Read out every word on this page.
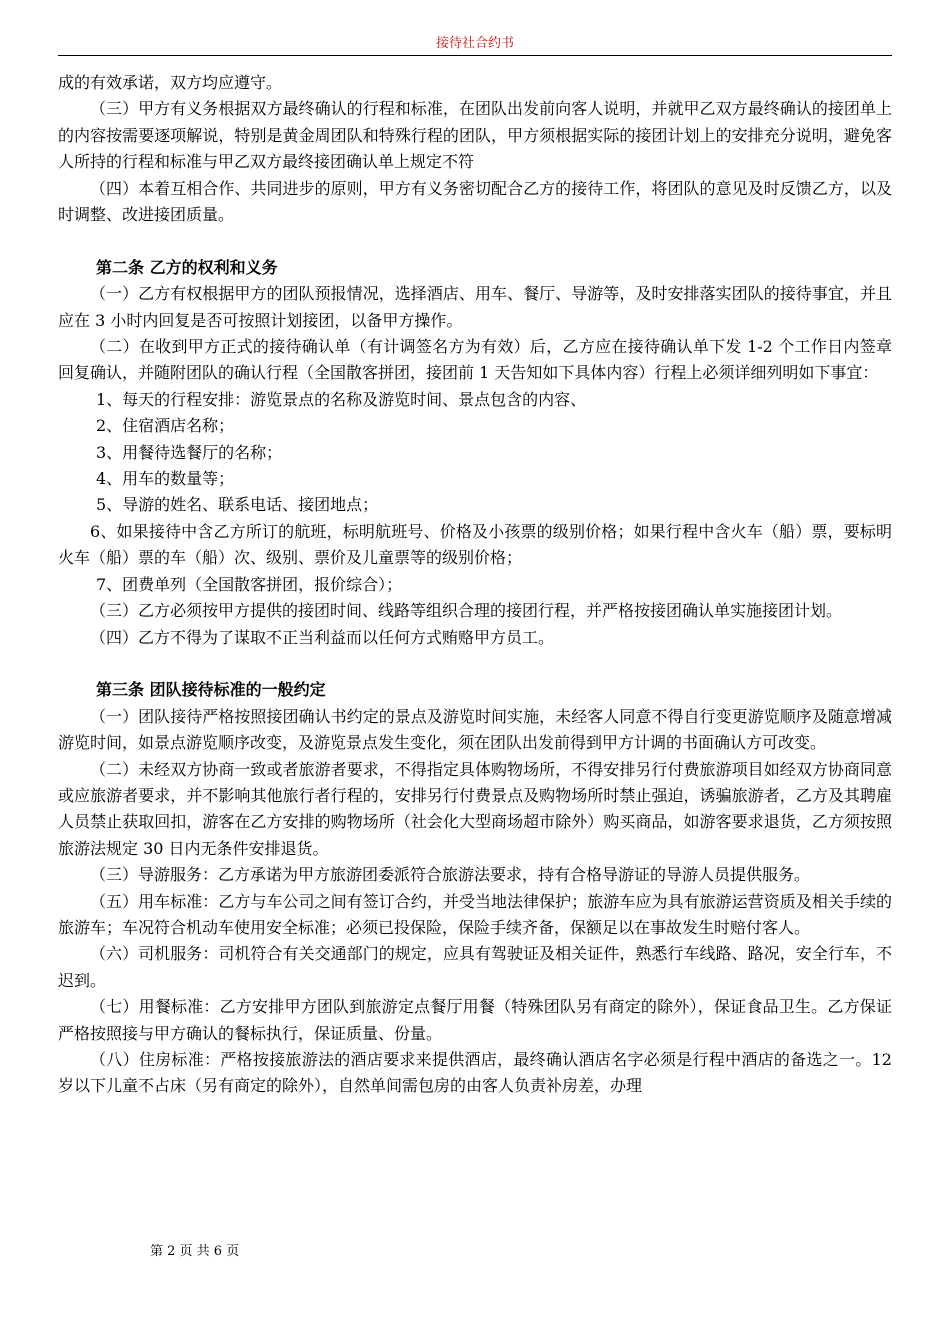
接待社合约书

成的有效承诺，双方均应遵守。

（三）甲方有义务根据双方最终确认的行程和标准，在团队出发前向客人说明，并就甲乙双方最终确认的接团单上的内容按需要逐项解说，特别是黄金周团队和特殊行程的团队，甲方须根据实际的接团计划上的安排充分说明，避免客人所持的行程和标准与甲乙双方最终接团确认单上规定不符

（四）本着互相合作、共同进步的原则，甲方有义务密切配合乙方的接待工作，将团队的意见及时反馈乙方，以及时调整、改进接团质量。

第二条 乙方的权利和义务

（一）乙方有权根据甲方的团队预报情况，选择酒店、用车、餐厅、导游等，及时安排落实团队的接待事宜，并且应在 3 小时内回复是否可按照计划接团，以备甲方操作。

（二）在收到甲方正式的接待确认单（有计调签名方为有效）后，乙方应在接待确认单下发 1-2 个工作日内签章回复确认，并随附团队的确认行程（全国散客拼团，接团前 1 天告知如下具体内容）行程上必须详细列明如下事宜：

1、每天的行程安排：游览景点的名称及游览时间、景点包含的内容、

2、住宿酒店名称；

3、用餐待选餐厅的名称；

4、用车的数量等；

5、导游的姓名、联系电话、接团地点；

6、如果接待中含乙方所订的航班，标明航班号、价格及小孩票的级别价格；如果行程中含火车（船）票，要标明火车（船）票的车（船）次、级别、票价及儿童票等的级别价格；

7、团费单列（全国散客拼团，报价综合）；

（三）乙方必须按甲方提供的接团时间、线路等组织合理的接团行程，并严格按接团确认单实施接团计划。

（四）乙方不得为了谋取不正当利益而以任何方式贿赂甲方员工。

第三条 团队接待标准的一般约定

（一）团队接待严格按照接团确认书约定的景点及游览时间实施，未经客人同意不得自行变更游览顺序及随意增减游览时间，如景点游览顺序改变，及游览景点发生变化，须在团队出发前得到甲方计调的书面确认方可改变。

（二）未经双方协商一致或者旅游者要求，不得指定具体购物场所，不得安排另行付费旅游项目如经双方协商同意或应旅游者要求，并不影响其他旅行者行程的，安排另行付费景点及购物场所时禁止强迫，诱骗旅游者，乙方及其聘雇人员禁止获取回扣，游客在乙方安排的购物场所（社会化大型商场超市除外）购买商品，如游客要求退货，乙方须按照旅游法规定 30 日内无条件安排退货。

（三）导游服务：乙方承诺为甲方旅游团委派符合旅游法要求，持有合格导游证的导游人员提供服务。

（五）用车标准：乙方与车公司之间有签订合约，并受当地法律保护；旅游车应为具有旅游运营资质及相关手续的旅游车；车况符合机动车使用安全标准；必须已投保险，保险手续齐备，保额足以在事故发生时赔付客人。

（六）司机服务：司机符合有关交通部门的规定，应具有驾驶证及相关证件，熟悉行车线路、路况，安全行车，不迟到。

（七）用餐标准：乙方安排甲方团队到旅游定点餐厅用餐（特殊团队另有商定的除外），保证食品卫生。乙方保证严格按照接与甲方确认的餐标执行，保证质量、份量。

（八）住房标准：严格按接旅游法的酒店要求来提供酒店，最终确认酒店名字必须是行程中酒店的备选之一。12 岁以下儿童不占床（另有商定的除外），自然单间需包房的由客人负责补房差，办理

第 2 页 共 6 页
